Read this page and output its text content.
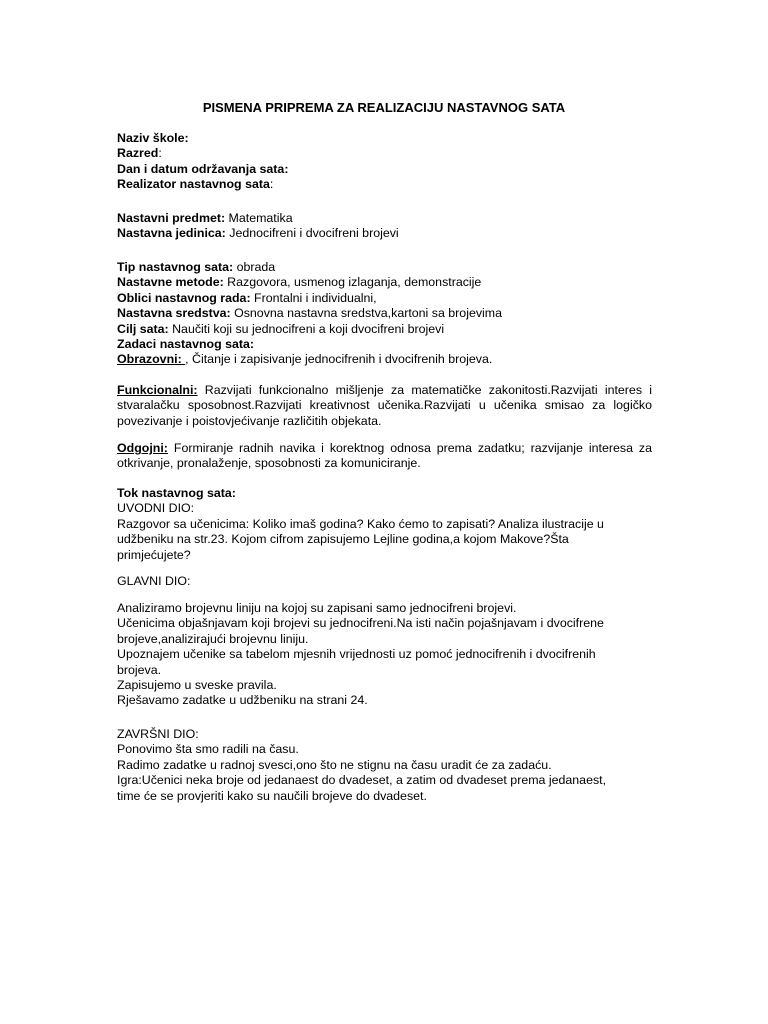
PISMENA PRIPREMA ZA REALIZACIJU NASTAVNOG SATA
Naziv škole:
Razred:
Dan i datum održavanja sata:
Realizator nastavnog sata:
Nastavni predmet: Matematika
Nastavna jedinica: Jednocifreni i dvocifreni brojevi
Tip nastavnog sata: obrada
Nastavne metode: Razgovora, usmenog izlaganja, demonstracije
Oblici nastavnog rada: Frontalni i individualni,
Nastavna sredstva: Osnovna nastavna sredstva,kartoni sa brojevima
Cilj sata: Naučiti koji su jednocifreni a koji dvocifreni brojevi
Zadaci nastavnog sata:
Obrazovni: , Čitanje i zapisivanje jednocifrenih i dvocifrenih brojeva.
Funkcionalni: Razvijati funkcionalno mišljenje za matematičke zakonitosti.Razvijati interes i stvaralačku sposobnost.Razvijati kreativnost učenika.Razvijati u učenika smisao za logičko povezivanje i poistovjećivanje različitih objekata.
Odgojni: Formiranje radnih navika i korektnog odnosa prema zadatku; razvijanje interesa za otkrivanje, pronalaženje, sposobnosti za komuniciranje.
Tok nastavnog sata:
UVODNI DIO:
Razgovor sa učenicima: Koliko imaš godina? Kako ćemo to zapisati? Analiza ilustracije u
udžbeniku na str.23. Kojom cifrom zapisujemo Lejline godina,a kojom Makove?Šta
primjećujete?
GLAVNI DIO:
Analiziramo brojevnu liniju na kojoj su zapisani samo jednocifreni brojevi.
Učenicima objašnjavam koji brojevi su jednocifreni.Na isti način pojašnjavam i dvocifrene
brojeve,analizirajući brojevnu liniju.
Upoznajem učenike sa tabelom mjesnih vrijednosti uz pomoć jednocifrenih i dvocifrenih
brojeva.
Zapisujemo u sveske pravila.
Rješavamo zadatke u udžbeniku na strani 24.
ZAVRŠNI DIO:
Ponovimo šta smo radili na času.
Radimo zadatke u radnoj svesci,ono što ne stignu na času uradit će za zadaću.
Igra:Učenici neka broje od jedanaest do dvadeset, a zatim od dvadeset prema jedanaest,
time će se provjeriti kako su naučili brojeve do dvadeset.
